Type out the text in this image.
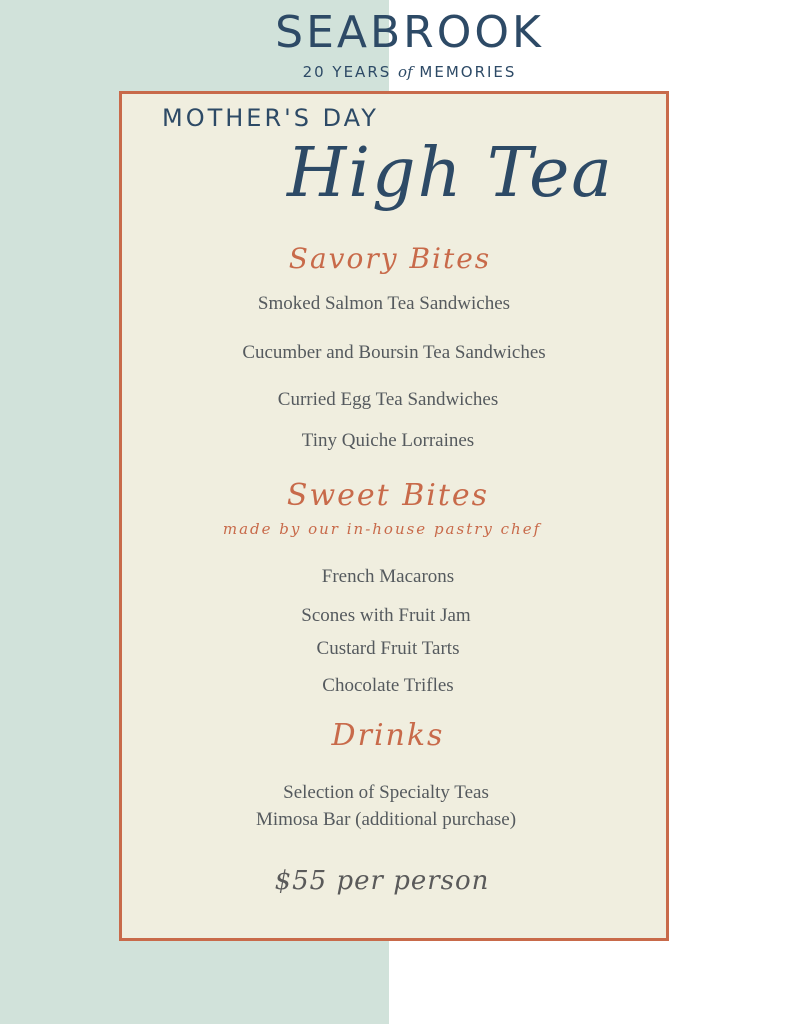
SEABROOK
20 YEARS of MEMORIES
MOTHER'S DAY
High Tea
Savory Bites
Smoked Salmon Tea Sandwiches
Cucumber and Boursin Tea Sandwiches
Curried Egg Tea Sandwiches
Tiny Quiche Lorraines
Sweet Bites
made by our in-house pastry chef
French Macarons
Scones with Fruit Jam
Custard Fruit Tarts
Chocolate Trifles
Drinks
Selection of Specialty Teas
Mimosa Bar (additional purchase)
$55 per person
